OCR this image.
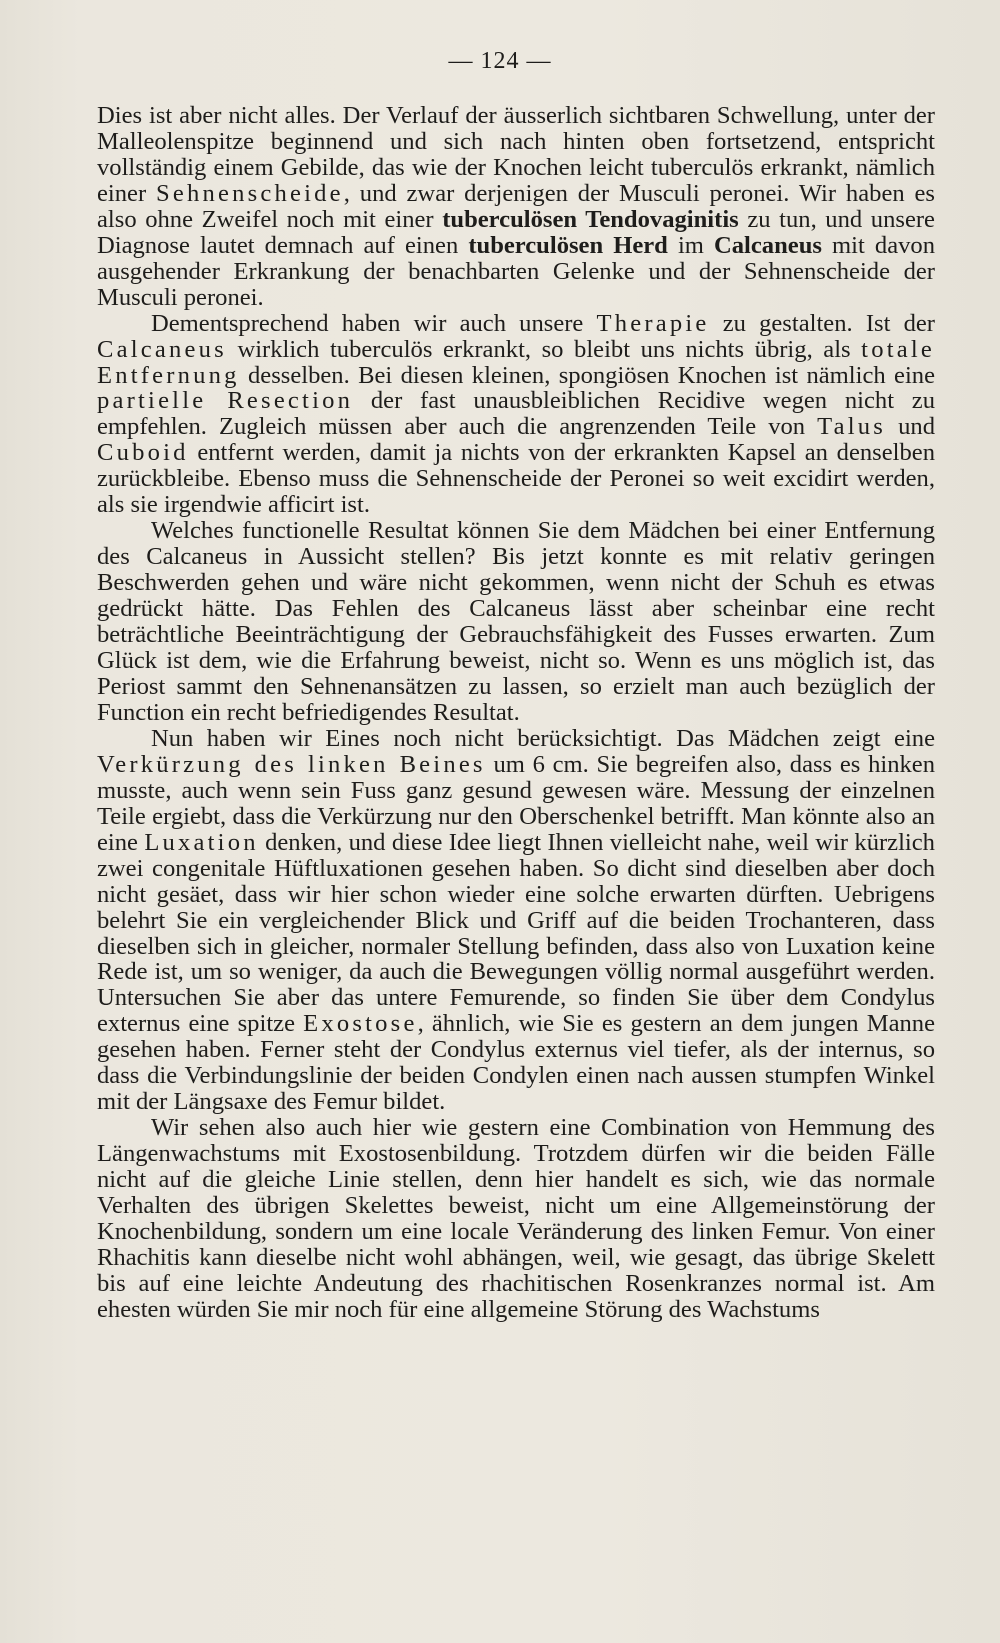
— 124 —

Dies ist aber nicht alles. Der Verlauf der äusserlich sichtbaren Schwellung, unter der Malleolenspitze beginnend und sich nach hinten oben fortsetzend, entspricht vollständig einem Gebilde, das wie der Knochen leicht tuberculös erkrankt, nämlich einer Sehnenscheide, und zwar derjenigen der Musculi peronei. Wir haben es also ohne Zweifel noch mit einer tuberculösen Tendovaginitis zu tun, und unsere Diagnose lautet demnach auf einen tuberculösen Herd im Calcaneus mit davon ausgehender Erkrankung der benachbarten Gelenke und der Sehnenscheide der Musculi peronei.

Dementsprechend haben wir auch unsere Therapie zu gestalten. Ist der Calcaneus wirklich tuberculös erkrankt, so bleibt uns nichts übrig, als totale Entfernung desselben. Bei diesen kleinen, spongiösen Knochen ist nämlich eine partielle Resection der fast unausbleiblichen Recidive wegen nicht zu empfehlen. Zugleich müssen aber auch die angrenzenden Teile von Talus und Cuboid entfernt werden, damit ja nichts von der erkrankten Kapsel an denselben zurückbleibe. Ebenso muss die Sehnenscheide der Peronei so weit excidirt werden, als sie irgendwie afficirt ist.

Welches functionelle Resultat können Sie dem Mädchen bei einer Entfernung des Calcaneus in Aussicht stellen? Bis jetzt konnte es mit relativ geringen Beschwerden gehen und wäre nicht gekommen, wenn nicht der Schuh es etwas gedrückt hätte. Das Fehlen des Calcaneus lässt aber scheinbar eine recht beträchtliche Beeinträchtigung der Gebrauchsfähigkeit des Fusses erwarten. Zum Glück ist dem, wie die Erfahrung beweist, nicht so. Wenn es uns möglich ist, das Periost sammt den Sehnenansätzen zu lassen, so erzielt man auch bezüglich der Function ein recht befriedigendes Resultat.

Nun haben wir Eines noch nicht berücksichtigt. Das Mädchen zeigt eine Verkürzung des linken Beines um 6 cm. Sie begreifen also, dass es hinken musste, auch wenn sein Fuss ganz gesund gewesen wäre. Messung der einzelnen Teile ergiebt, dass die Verkürzung nur den Oberschenkel betrifft. Man könnte also an eine Luxation denken, und diese Idee liegt Ihnen vielleicht nahe, weil wir kürzlich zwei congenitale Hüftluxationen gesehen haben. So dicht sind dieselben aber doch nicht gesäet, dass wir hier schon wieder eine solche erwarten dürften. Uebrigens belehrt Sie ein vergleichender Blick und Griff auf die beiden Trochanteren, dass dieselben sich in gleicher, normaler Stellung befinden, dass also von Luxation keine Rede ist, um so weniger, da auch die Bewegungen völlig normal ausgeführt werden. Untersuchen Sie aber das untere Femurende, so finden Sie über dem Condylus externus eine spitze Exostose, ähnlich, wie Sie es gestern an dem jungen Manne gesehen haben. Ferner steht der Condylus externus viel tiefer, als der internus, so dass die Verbindungslinie der beiden Condylen einen nach aussen stumpfen Winkel mit der Längsaxe des Femur bildet.

Wir sehen also auch hier wie gestern eine Combination von Hemmung des Längenwachstums mit Exostosenbildung. Trotzdem dürfen wir die beiden Fälle nicht auf die gleiche Linie stellen, denn hier handelt es sich, wie das normale Verhalten des übrigen Skelettes beweist, nicht um eine Allgemeinstörung der Knochenbildung, sondern um eine locale Veränderung des linken Femur. Von einer Rhachitis kann dieselbe nicht wohl abhängen, weil, wie gesagt, das übrige Skelett bis auf eine leichte Andeutung des rhachitischen Rosenkranzes normal ist. Am ehesten würden Sie mir noch für eine allgemeine Störung des Wachstums
